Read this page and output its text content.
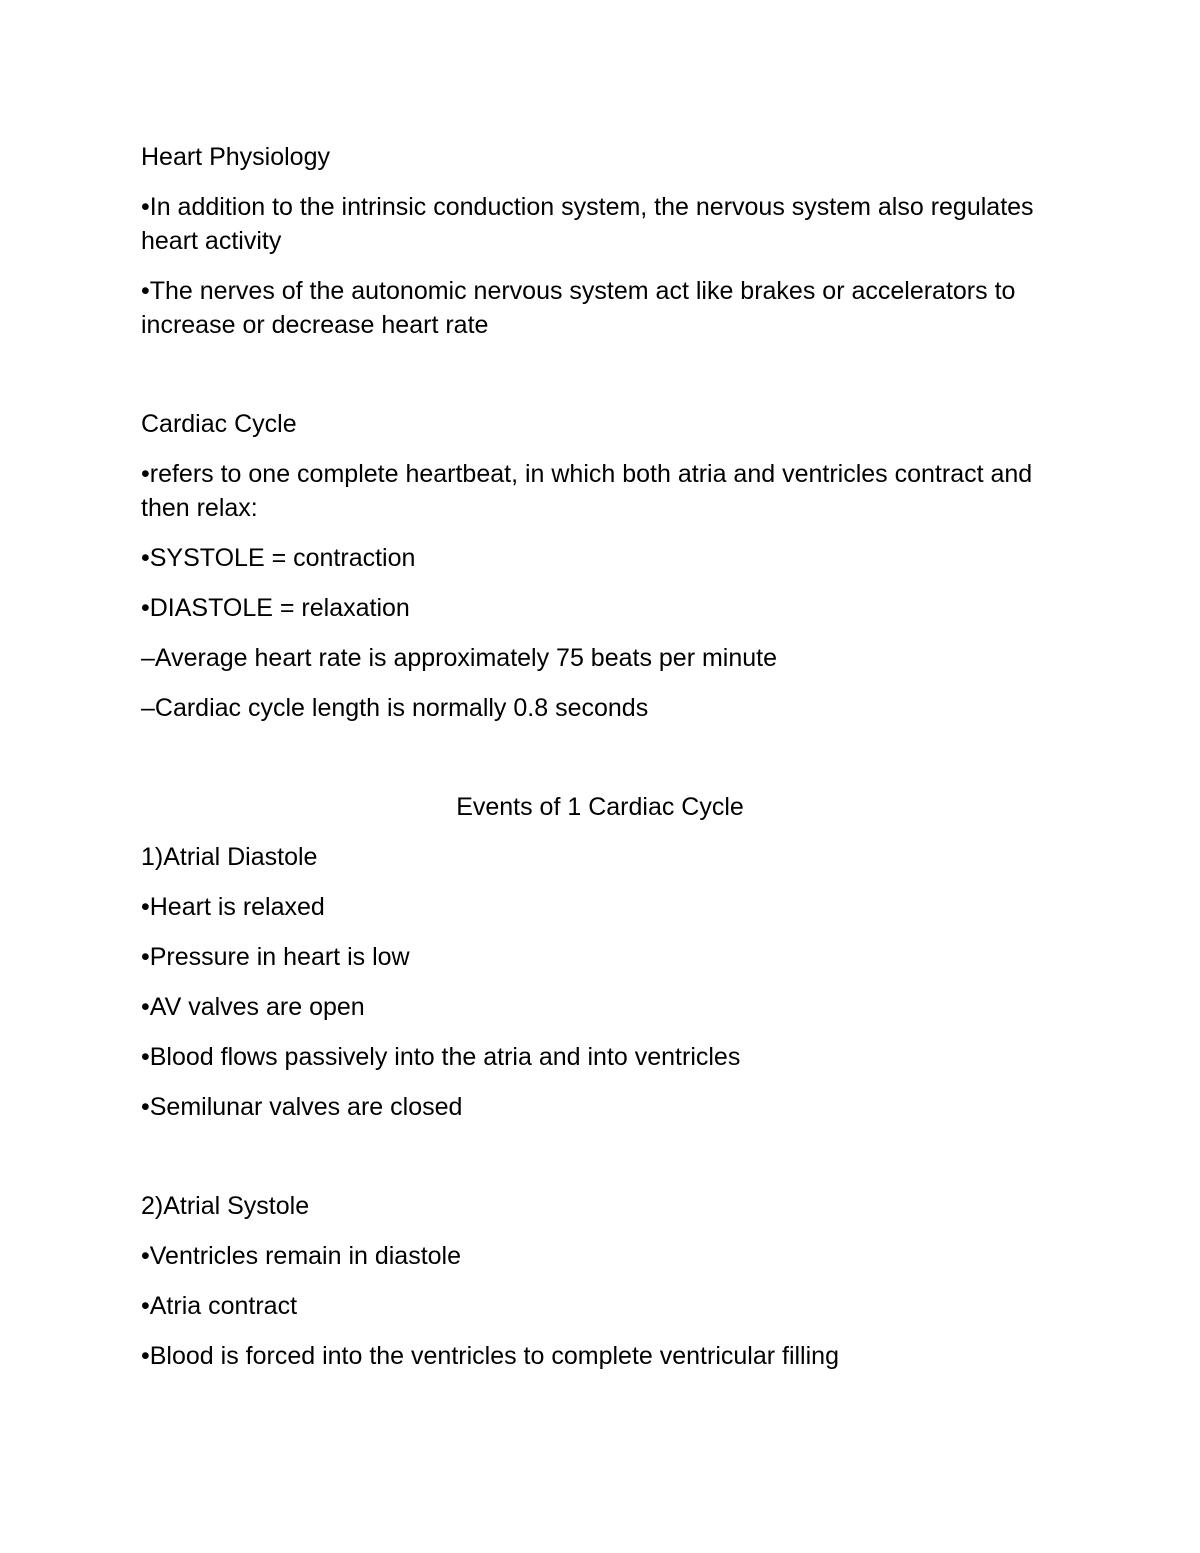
Heart Physiology

•In addition to the intrinsic conduction system, the nervous system also regulates heart activity

•The nerves of the autonomic nervous system act like brakes or accelerators to increase or decrease heart rate

Cardiac Cycle

•refers to one complete heartbeat, in which both atria and ventricles contract and then relax:

•SYSTOLE = contraction

•DIASTOLE = relaxation

–Average heart rate is approximately 75 beats per minute

–Cardiac cycle length is normally 0.8 seconds

Events of 1 Cardiac Cycle

1)Atrial Diastole

•Heart is relaxed

•Pressure in heart is low

•AV valves are open

•Blood flows passively into the atria and into ventricles

•Semilunar valves are closed

2)Atrial Systole

•Ventricles remain in diastole

•Atria contract

•Blood is forced into the ventricles to complete ventricular filling
